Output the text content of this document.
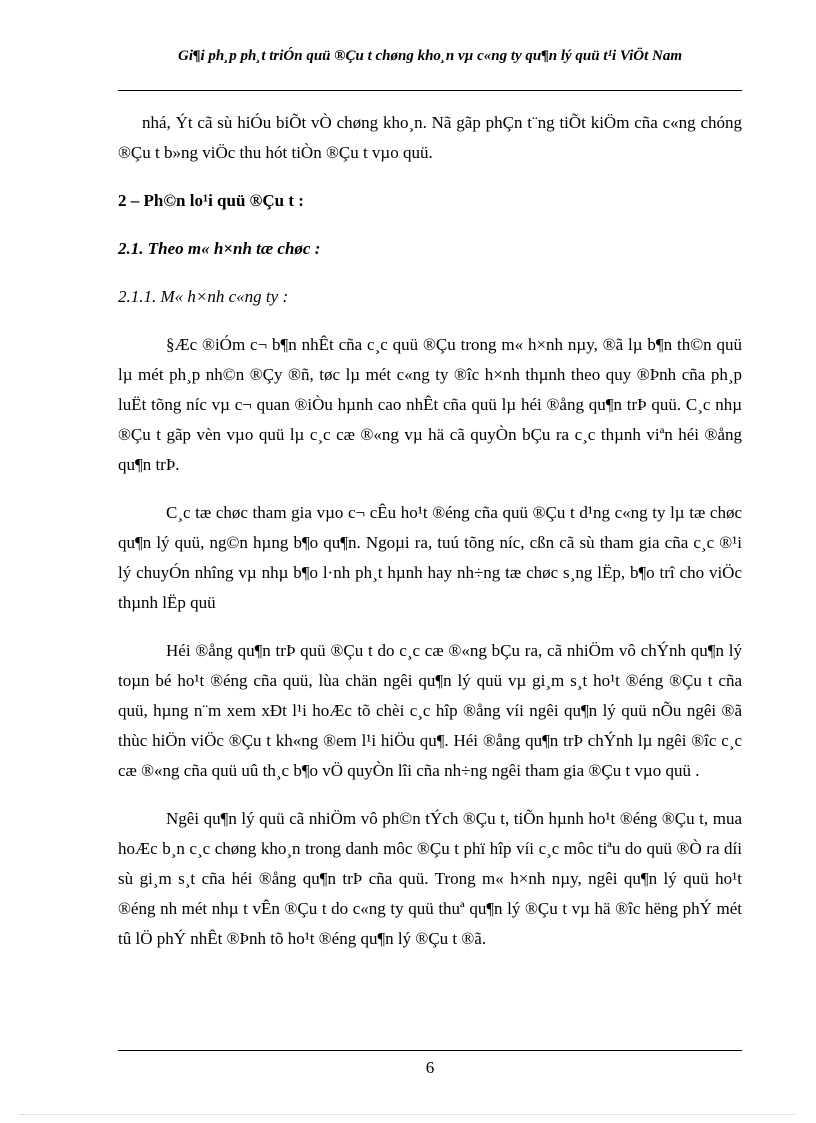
Gi¶i ph¸p ph¸t triÓn quü ®Çu t chøng kho¸n vµ c«ng ty qu¶n lý quü t¹i ViÖt Nam

nhá, Ýt cã sù hiÓu biÕt vÒ chøng kho¸n. Nã gãp phÇn t¨ng tiÕt kiÖm cña c«ng chóng ®Çu t b»ng viÖc thu hót tiÒn ®Çu t vµo quü.

2 – Ph©n lo¹i quü ®Çu t :

2.1. Theo m« h×nh tæ chøc :

2.1.1. M« h×nh c«ng ty :

§Æc ®iÓm c¬ b¶n nhÊt cña c¸c quü ®Çu trong m« h×nh nµy, ®ã lµ b¶n th©n quü lµ mét ph¸p nh©n ®Çy ®ñ, tøc lµ mét c«ng ty ®îc h×nh thµnh theo quy ®Þnh cña ph¸p luËt tõng níc vµ c¬ quan ®iÒu hµnh cao nhÊt cña quü lµ héi ®ång qu¶n trÞ quü. C¸c nhµ ®Çu t gãp vèn vµo quü lµ c¸c cæ ®«ng vµ hä cã quyÒn bÇu ra c¸c thµnh viªn héi ®ång qu¶n trÞ.

C¸c tæ chøc tham gia vµo c¬ cÊu ho¹t ®éng cña quü ®Çu t d¹ng c«ng ty lµ tæ chøc qu¶n lý quü, ng©n hµng b¶o qu¶n. Ngoµi ra, tuú tõng níc, cßn cã sù tham gia cña c¸c ®¹i lý chuyÓn nhîng vµ nhµ b¶o l·nh ph¸t hµnh hay nh÷ng tæ chøc s¸ng lËp, b¶o trî cho viÖc thµnh lËp quü

Héi ®ång qu¶n trÞ quü ®Çu t do c¸c cæ ®«ng bÇu ra, cã nhiÖm vô chÝnh qu¶n lý toµn bé ho¹t ®éng cña quü, lùa chän ngêi qu¶n lý quü vµ gi¸m s¸t ho¹t ®éng ®Çu t cña quü, hµng n¨m xem xÐt l¹i hoÆc tõ chèi c¸c hîp ®ång víi ngêi qu¶n lý quü nÕu ngêi ®ã thùc hiÖn viÖc ®Çu t kh«ng ®em l¹i hiÖu qu¶. Héi ®ång qu¶n trÞ chÝnh lµ ngêi ®îc c¸c cæ ®«ng cña quü uû th¸c b¶o vÖ quyÒn lîi cña nh÷ng ngêi tham gia ®Çu t vµo quü .

Ngêi qu¶n lý quü cã nhiÖm vô ph©n tÝch ®Çu t, tiÕn hµnh ho¹t ®éng ®Çu t, mua hoÆc b¸n c¸c chøng kho¸n trong danh môc ®Çu t phï hîp víi c¸c môc tiªu do quü ®Ò ra díi sù gi¸m s¸t cña héi ®ång qu¶n trÞ cña quü. Trong m« h×nh nµy, ngêi qu¶n lý quü ho¹t ®éng nh mét nhµ t vÊn ®Çu t do c«ng ty quü thuª qu¶n lý ®Çu t vµ hä ®îc hëng phÝ mét tû lÖ phÝ nhÊt ®Þnh tõ ho¹t ®éng qu¶n lý ®Çu t ®ã.

6
